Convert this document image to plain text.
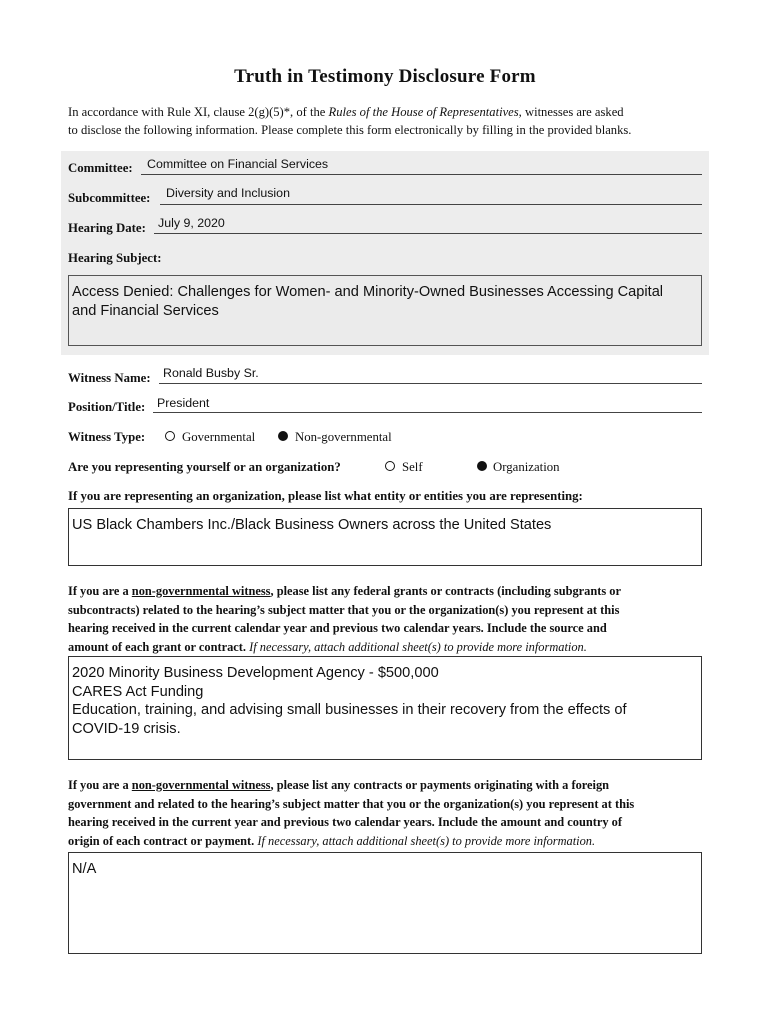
Truth in Testimony Disclosure Form
In accordance with Rule XI, clause 2(g)(5)*, of the Rules of the House of Representatives, witnesses are asked
to disclose the following information. Please complete this form electronically by filling in the provided blanks.
Committee: Committee on Financial Services
Subcommittee: Diversity and Inclusion
Hearing Date: July 9, 2020
Hearing Subject:
Access Denied: Challenges for Women- and Minority-Owned Businesses Accessing Capital
and Financial Services
Witness Name: Ronald Busby Sr.
Position/Title: President
Witness Type:	Governmental	Non-governmental
Are you representing yourself or an organization?	Self	Organization
If you are representing an organization, please list what entity or entities you are representing:
US Black Chambers Inc./Black Business Owners across the United States
If you are a non-governmental witness, please list any federal grants or contracts (including subgrants or
subcontracts) related to the hearing’s subject matter that you or the organization(s) you represent at this
hearing received in the current calendar year and previous two calendar years. Include the source and
amount of each grant or contract. If necessary, attach additional sheet(s) to provide more information.
2020 Minority Business Development Agency - $500,000
CARES Act Funding
Education, training, and advising small businesses in their recovery from the effects of
COVID-19 crisis.
If you are a non-governmental witness, please list any contracts or payments originating with a foreign
government and related to the hearing’s subject matter that you or the organization(s) you represent at this
hearing received in the current year and previous two calendar years. Include the amount and country of
origin of each contract or payment. If necessary, attach additional sheet(s) to provide more information.
N/A
